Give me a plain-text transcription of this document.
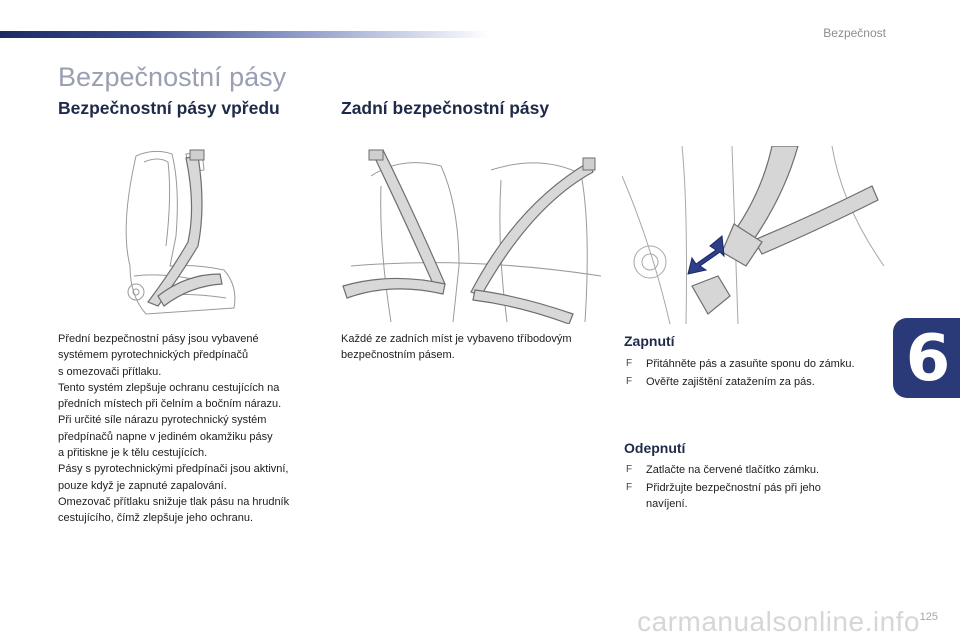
Bezpečnost
Bezpečnostní pásy
Bezpečnostní pásy vpředu	Zadní bezpečnostní pásy

Přední bezpečnostní pásy jsou vybavené
systémem pyrotechnických předpínačů
s omezovači přítlaku.
Tento systém zlepšuje ochranu cestujících na
předních místech při čelním a bočním nárazu.
Při určité síle nárazu pyrotechnický systém
předpínačů napne v jediném okamžiku pásy
a přitiskne je k tělu cestujících.
Pásy s pyrotechnickými předpínači jsou aktivní,
pouze když je zapnuté zapalování.
Omezovač přítlaku snižuje tlak pásu na hrudník
cestujícího, čímž zlepšuje jeho ochranu.

Každé ze zadních míst je vybaveno tříbodovým
bezpečnostním pásem.

Zapnutí
F Přitáhněte pás a zasuňte sponu do zámku.
F Ověřte zajištění zatažením za pás.
Odepnutí
F Zatlačte na červené tlačítko zámku.
F Přidržujte bezpečnostní pás při jeho
navíjení.
6
carmanualsonline.info 125
